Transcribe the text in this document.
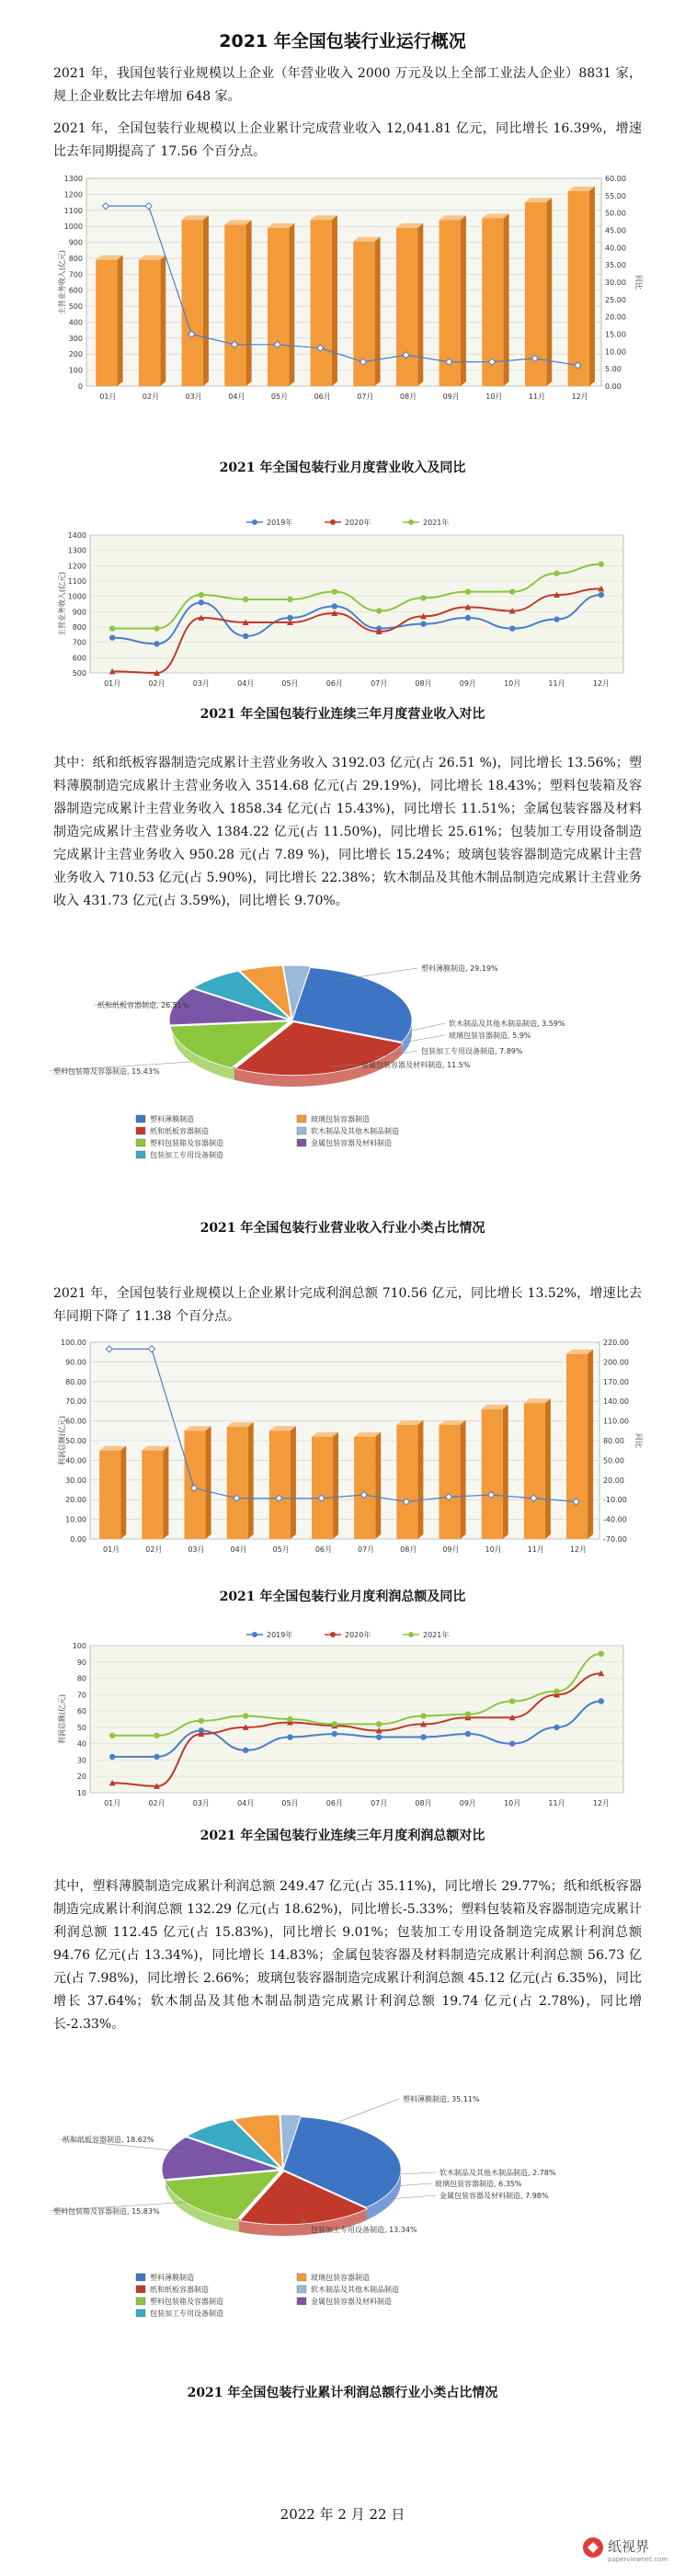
2021 年全国包装行业运行概况
2021 年，我国包装行业规模以上企业（年营业收入 2000 万元及以上全部工业法人企业）8831 家，规上企业数比去年增加 648 家。
2021 年，全国包装行业规模以上企业累计完成营业收入 12,041.81 亿元，同比增长 16.39%，增速比去年同期提高了 17.56 个百分点。
0
100
200
300
400
500
600
700
800
900
1000
1100
1200
1300
0.00
5.00
10.00
15.00
20.00
25.00
30.00
35.00
40.00
45.00
50.00
55.00
60.00
主营业务收入(亿元)	同比
01月	02月	03月	04月	05月	06月	07月	08月	09月	10月	11月	12月
2021 年全国包装行业月度营业收入及同比
2019年	2020年	2021年
500
600
700
800
900
1000
1100
1200
1300
1400
主营业务收入(亿元)
01月	02月	03月	04月	05月	06月	07月	08月	09月	10月	11月	12月
2021 年全国包装行业连续三年月度营业收入对比
其中：纸和纸板容器制造完成累计主营业务收入 3192.03 亿元(占 26.51 %)，同比增长 13.56%；塑料薄膜制造完成累计主营业务收入 3514.68 亿元(占 29.19%)，同比增长 18.43%；塑料包装箱及容器制造完成累计主营业务收入 1858.34 亿元(占 15.43%)，同比增长 11.51%；金属包装容器及材料制造完成累计主营业务收入 1384.22 亿元(占 11.50%)，同比增长 25.61%；包装加工专用设备制造完成累计主营业务收入 950.28 元(占 7.89 %)，同比增长 15.24%；玻璃包装容器制造完成累计主营业务收入 710.53 亿元(占 5.90%)，同比增长 22.38%；软木制品及其他木制品制造完成累计主营业务收入 431.73 亿元(占 3.59%)，同比增长 9.70%。
塑料薄膜制造, 29.19%
纸和纸板容器制造, 26.51%
软木制品及其他木制品制造, 3.59%
玻璃包装容器制造, 5.9%
包装加工专用设备制造, 7.89%
金属包装容器及材料制造, 11.5%
塑料包装箱及容器制造, 15.43%
塑料薄膜制造	玻璃包装容器制造
纸和纸板容器制造	软木制品及其他木制品制造
塑料包装箱及容器制造	金属包装容器及材料制造
包装加工专用设备制造
2021 年全国包装行业营业收入行业小类占比情况
2021 年，全国包装行业规模以上企业累计完成利润总额 710.56 亿元，同比增长 13.52%，增速比去年同期下降了 11.38 个百分点。
0.00
10.00
20.00
30.00
40.00
50.00
60.00
70.00
80.00
90.00
100.00
-70.00
-40.00
-10.00
20.00
50.00
80.00
110.00
140.00
170.00
200.00
220.00
利润总额(亿元)	同比
01月	02月	03月	04月	05月	06月	07月	08月	09月	10月	11月	12月
2021 年全国包装行业月度利润总额及同比
2019年	2020年	2021年
10
20
30
40
50
60
70
80
90
100
利润总额(亿元)
01月	02月	03月	04月	05月	06月	07月	08月	09月	10月	11月	12月
2021 年全国包装行业连续三年月度利润总额对比
其中，塑料薄膜制造完成累计利润总额 249.47 亿元(占 35.11%)，同比增长 29.77%；纸和纸板容器制造完成累计利润总额 132.29 亿元(占 18.62%)，同比增长-5.33%；塑料包装箱及容器制造完成累计利润总额 112.45 亿元(占 15.83%)，同比增长 9.01%；包装加工专用设备制造完成累计利润总额 94.76 亿元(占 13.34%)，同比增长 14.83%；金属包装容器及材料制造完成累计利润总额 56.73 亿元(占 7.98%)，同比增长 2.66%；玻璃包装容器制造完成累计利润总额 45.12 亿元(占 6.35%)，同比增长 37.64%；软木制品及其他木制品制造完成累计利润总额 19.74 亿元(占 2.78%)，同比增长-2.33%。
塑料薄膜制造, 35.11%
纸和纸板容器制造, 18.62%
软木制品及其他木制品制造, 2.78%
玻璃包装容器制造, 6.35%
金属包装容器及材料制造, 7.98%
包装加工专用设备制造, 13.34%
塑料包装箱及容器制造, 15.83%
塑料薄膜制造	玻璃包装容器制造
纸和纸板容器制造	软木制品及其他木制品制造
塑料包装箱及容器制造	金属包装容器及材料制造
包装加工专用设备制造
2021 年全国包装行业累计利润总额行业小类占比情况
2022 年 2 月 22 日
纸视界
paperviewnet.com
